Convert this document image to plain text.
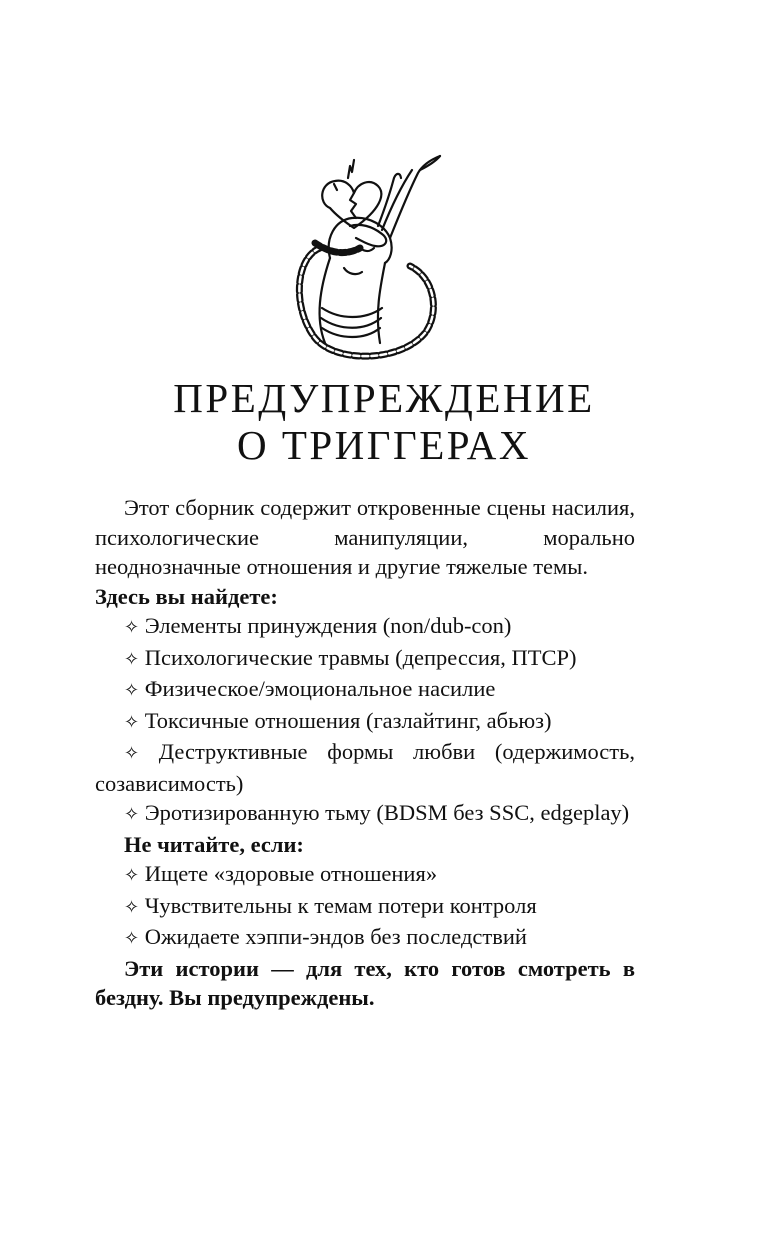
ПРЕДУПРЕЖДЕНИЕ
О ТРИГГЕРАХ

Этот сборник содержит откровенные сцены насилия, психологические манипуляции, морально неоднозначные отношения и другие тяжелые темы.

Здесь вы найдете:

✧ Элементы принуждения (non/dub-con)

✧ Психологические травмы (депрессия, ПТСР)

✧ Физическое/эмоциональное насилие

✧ Токсичные отношения (газлайтинг, абьюз)

✧ Деструктивные формы любви (одержимость, созависимость)

✧ Эротизированную тьму (BDSM без SSC, edgeplay)

Не читайте, если:

✧ Ищете «здоровые отношения»

✧ Чувствительны к темам потери контроля

✧ Ожидаете хэппи-эндов без последствий

Эти истории — для тех, кто готов смотреть в бездну. Вы предупреждены.
